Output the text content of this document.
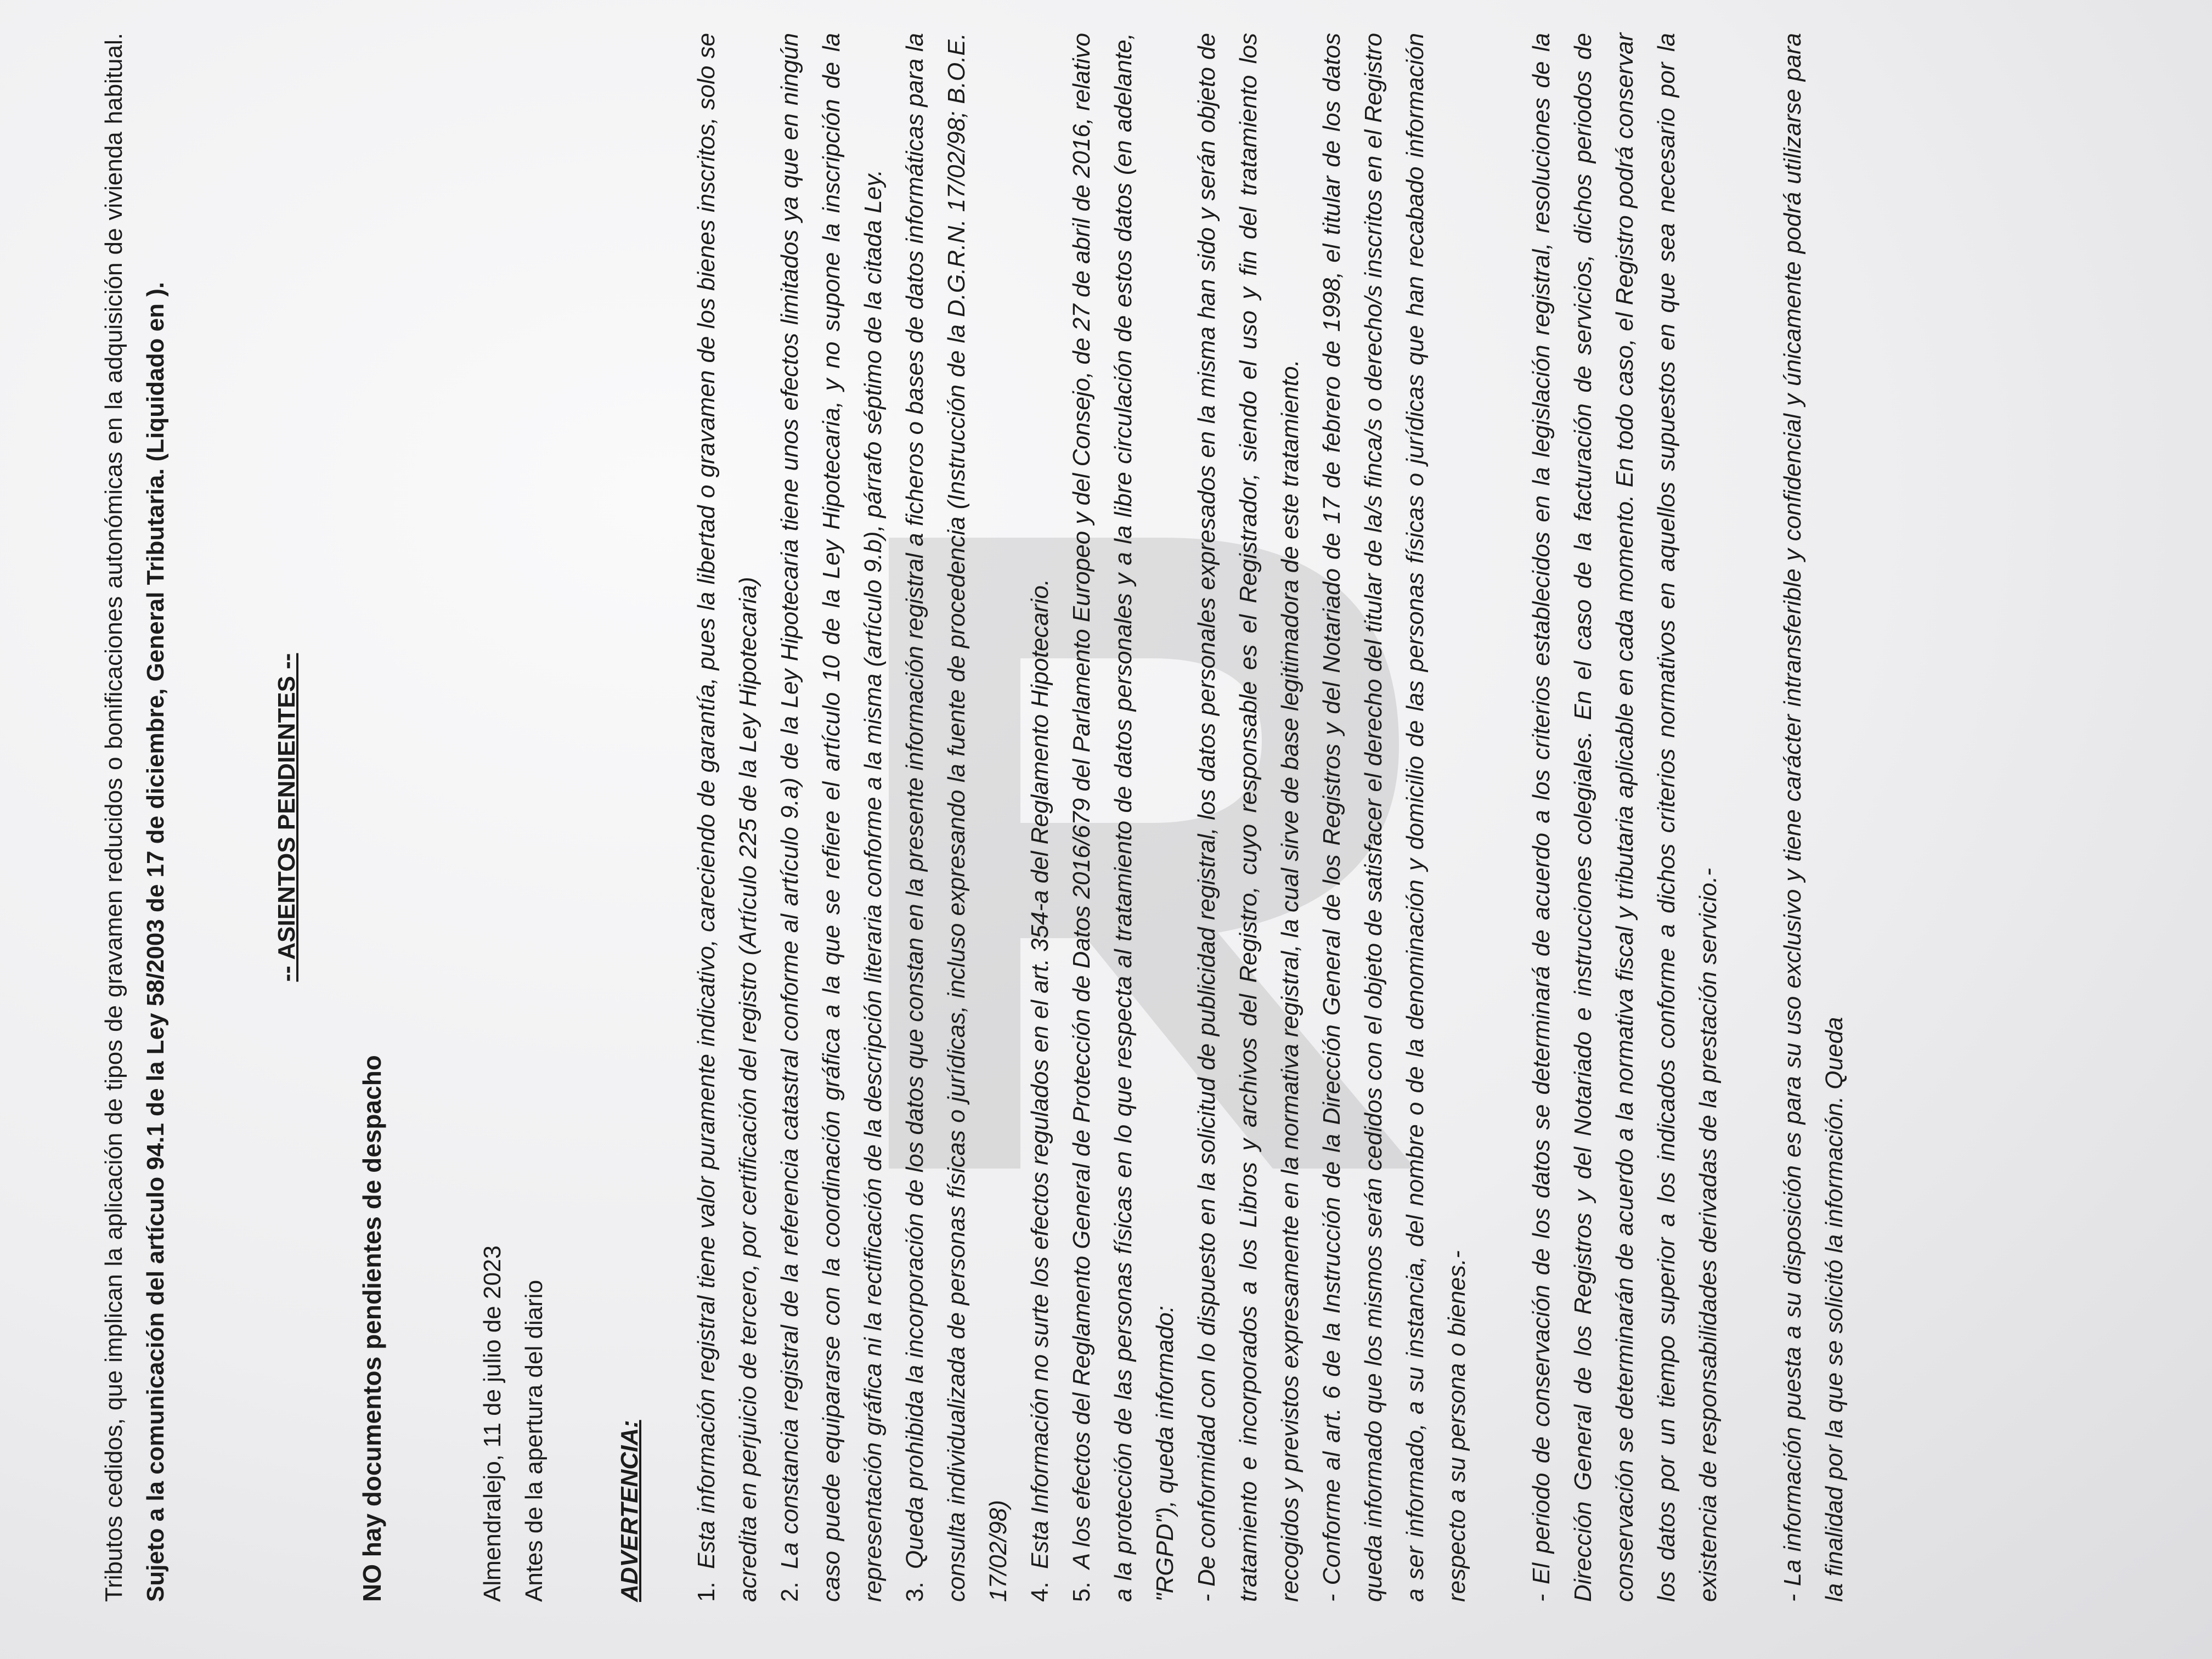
Tributos cedidos, que implican la aplicación de tipos de gravamen reducidos o bonificaciones autonómicas en la adquisición de vivienda habitual. Sujeto a la comunicación del artículo 94.1 de la Ley 58/2003 de 17 de diciembre, General Tributaria. (Liquidado en ).	-- ASIENTOS PENDIENTES --

NO hay documentos pendientes de despacho	Almendralejo, 11 de julio de 2023 Antes de la apertura del diario	ADVERTENCIA:	1.Esta información registral tiene valor puramente indicativo, careciendo de garantía, pues la libertad o gravamen de los bienes inscritos, solo se acredita en perjuicio de tercero, por certificación del registro (Artículo 225 de la Ley Hipotecaria) 2.La constancia registral de la referencia catastral conforme al artículo 9.a) de la Ley Hipotecaria tiene unos efectos limitados ya que en ningún caso puede equipararse con la coordinación gráfica a la que se refiere el artículo 10 de la Ley Hipotecaria, y no supone la inscripción de la representación gráfica ni la rectificación de la descripción literaria conforme a la misma (artículo 9.b), párrafo séptimo de la citada Ley. 3.Queda prohibida la incorporación de los datos que constan en la presente información registral a ficheros o bases de datos informáticas para la consulta individualizada de personas físicas o jurídicas, incluso expresando la fuente de procedencia (Instrucción de la D.G.R.N. 17/02/98; B.O.E. 17/02/98) 4.Esta Información no surte los efectos regulados en el art. 354-a del Reglamento Hipotecario.

5.A los efectos del Reglamento General de Protección de Datos 2016/679 del Parlamento Europeo y del Consejo, de 27 de abril de 2016, relativo a la protección de las personas físicas en lo que respecta al tratamiento de datos personales y a la libre circulación de estos datos (en adelante, "RGPD"), queda informado: - De conformidad con lo dispuesto en la solicitud de publicidad registral, los datos personales expresados en la misma han sido y serán objeto de tratamiento e incorporados a los Libros y archivos del Registro, cuyo responsable es el Registrador, siendo el uso y fin del tratamiento los recogidos y previstos expresamente en la normativa registral, la cual sirve de base legitimadora de este tratamiento. - Conforme al art. 6 de la Instrucción de la Dirección General de los Registros y del Notariado de 17 de febrero de 1998, el titular de los datos queda informado que los mismos serán cedidos con el objeto de satisfacer el derecho del titular de la/s finca/s o derecho/s inscritos en el Registro a ser informado, a su instancia, del nombre o de la denominación y domicilio de las personas físicas o jurídicas que han recabado información respecto a su persona o bienes.-	- El periodo de conservación de los datos se determinará de acuerdo a los criterios establecidos en la legislación registral, resoluciones de la Dirección General de los Registros y del Notariado e instrucciones colegiales. En el caso de la facturación de servicios, dichos periodos de conservación se determinarán de acuerdo a la normativa fiscal y tributaria aplicable en cada momento. En todo caso, el Registro podrá conservar los datos por un tiempo superior a los indicados conforme a dichos criterios normativos en aquellos supuestos en que sea necesario por la existencia de responsabilidades derivadas de la prestación servicio.-	- La información puesta a su disposición es para su uso exclusivo y tiene carácter intransferible y confidencial y únicamente podrá utilizarse para la finalidad por la que se solicitó la información. Queda
